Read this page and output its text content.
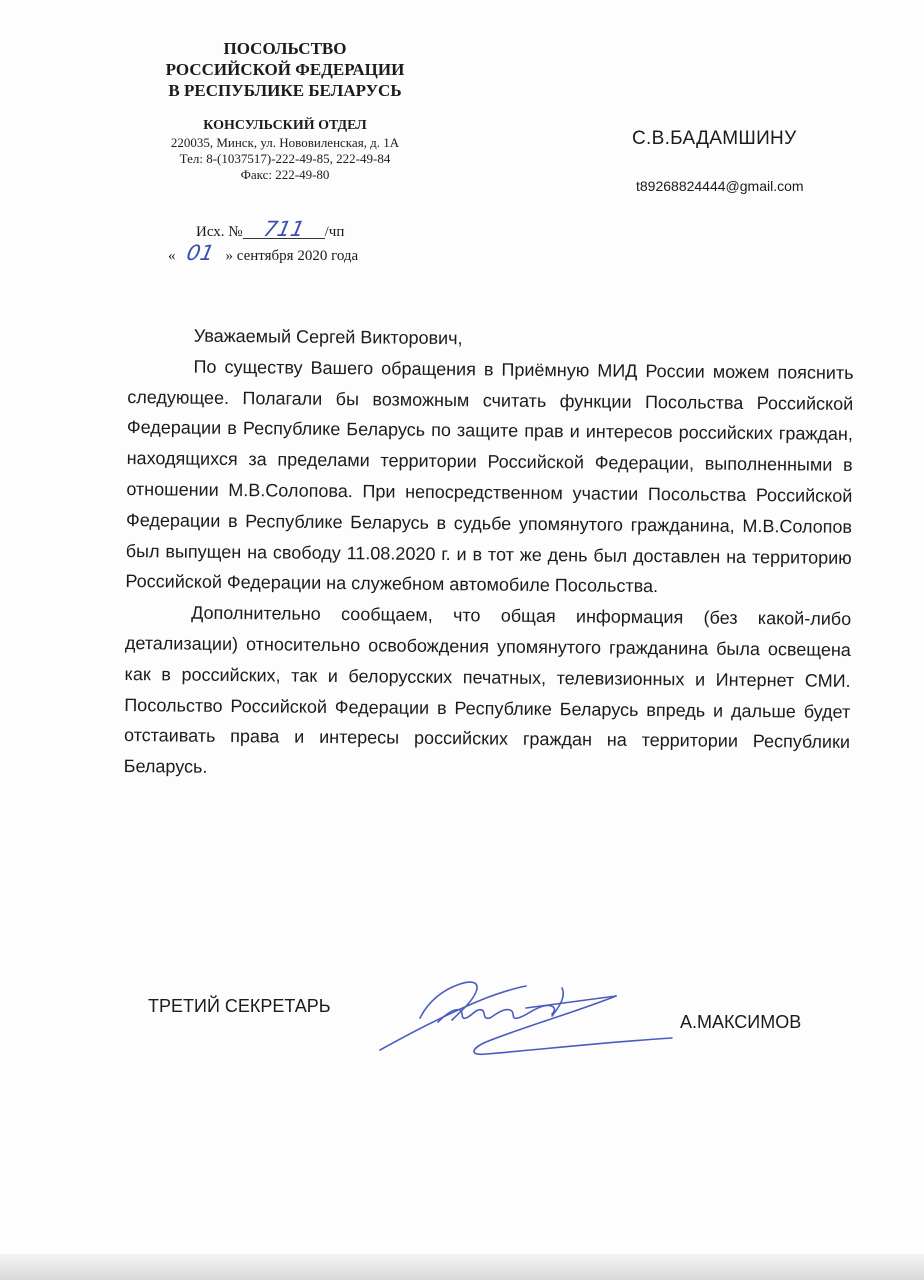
ПОСОЛЬСТВО
РОССИЙСКОЙ ФЕДЕРАЦИИ
В РЕСПУБЛИКЕ БЕЛАРУСЬ
КОНСУЛЬСКИЙ ОТДЕЛ
220035, Минск, ул. Нововиленская, д. 1А
Тел: 8-(1037517)-222-49-85, 222-49-84
Факс: 222-49-80
С.В.БАДАМШИНУ
t89268824444@gmail.com
Исх. № 711 /чп
« 01 » сентября 2020 года
Уважаемый Сергей Викторович,

По существу Вашего обращения в Приёмную МИД России можем пояснить следующее. Полагали бы возможным считать функции Посольства Российской Федерации в Республике Беларусь по защите прав и интересов российских граждан, находящихся за пределами территории Российской Федерации, выполненными в отношении М.В.Солопова. При непосредственном участии Посольства Российской Федерации в Республике Беларусь в судьбе упомянутого гражданина, М.В.Солопов был выпущен на свободу 11.08.2020 г. и в тот же день был доставлен на территорию Российской Федерации на служебном автомобиле Посольства.

Дополнительно сообщаем, что общая информация (без какой-либо детализации) относительно освобождения упомянутого гражданина была освещена как в российских, так и белорусских печатных, телевизионных и Интернет СМИ. Посольство Российской Федерации в Республике Беларусь впредь и дальше будет отстаивать права и интересы российских граждан на территории Республики Беларусь.

ТРЕТИЙ СЕКРЕТАРЬ
А.МАКСИМОВ
